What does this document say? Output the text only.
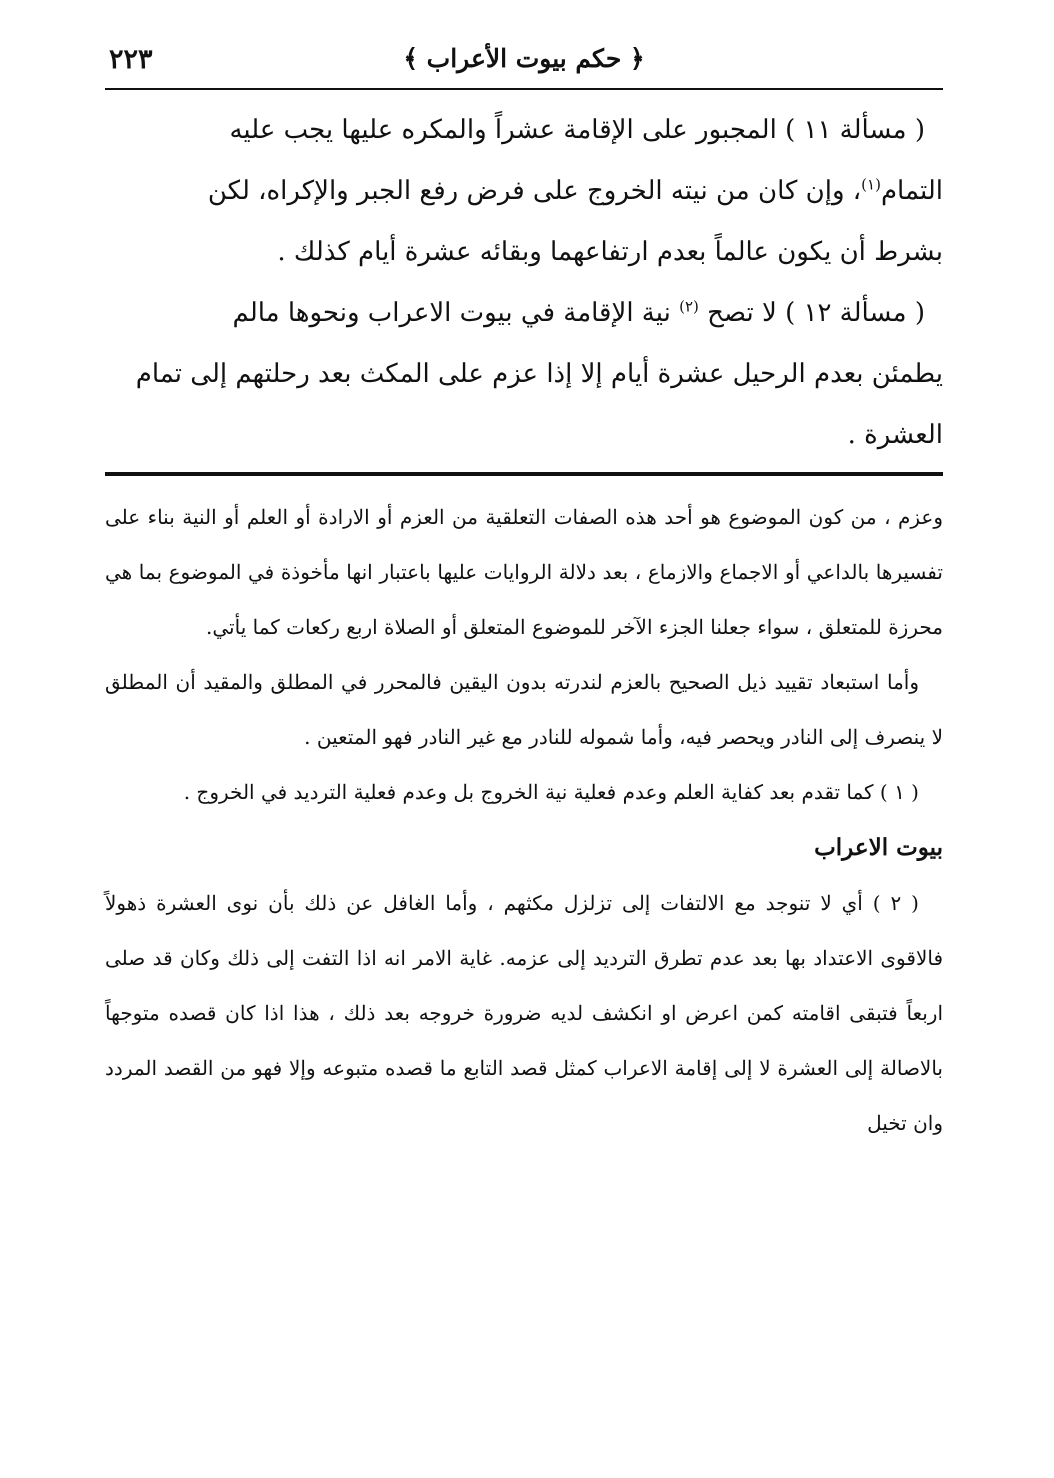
﴿ حكم بيوت الأعراب ﴾
٢٢٣

( مسألة ١١ ) المجبور على الإقامة عشراً والمكره عليها يجب عليه

التمام$^{(١)}$، وإن كان من نيته الخروج على فرض رفع الجبر والإكراه، لكن

بشرط أن يكون عالماً بعدم ارتفاعهما وبقائه عشرة أيام كذلك .

( مسألة ١٢ ) لا تصح $^{(٢)}$ نية الإقامة في بيوت الاعراب ونحوها مالم

يطمئن بعدم الرحيل عشرة أيام إلا إذا عزم على المكث بعد رحلتهم إلى تمام

العشرة .

وعزم ، من كون الموضوع هو أحد هذه الصفات التعلقية من العزم أو الارادة أو العلم أو النية بناء على تفسيرها بالداعي أو الاجماع والازماع ، بعد دلالة الروايات عليها باعتبار انها مأخوذة في الموضوع بما هي محرزة للمتعلق ، سواء جعلنا الجزء الآخر للموضوع المتعلق أو الصلاة اربع ركعات كما يأتي.

وأما استبعاد تقييد ذيل الصحيح بالعزم لندرته بدون اليقين فالمحرر في المطلق والمقيد أن المطلق لا ينصرف إلى النادر ويحصر فيه، وأما شموله للنادر مع غير النادر فهو المتعين .

( ١ ) كما تقدم بعد كفاية العلم وعدم فعلية نية الخروج بل وعدم فعلية الترديد في الخروج .

بيوت الاعراب

( ٢ ) أي لا تنوجد مع الالتفات إلى تزلزل مكثهم ، وأما الغافل عن ذلك بأن نوى العشرة ذهولاً فالاقوى الاعتداد بها بعد عدم تطرق الترديد إلى عزمه. غاية الامر انه اذا التفت إلى ذلك وكان قد صلى اربعاً فتبقى اقامته كمن اعرض او انكشف لديه ضرورة خروجه بعد ذلك ، هذا اذا كان قصده متوجهاً بالاصالة إلى العشرة لا إلى إقامة الاعراب كمثل قصد التابع ما قصده متبوعه وإلا فهو من القصد المردد وان تخيل
